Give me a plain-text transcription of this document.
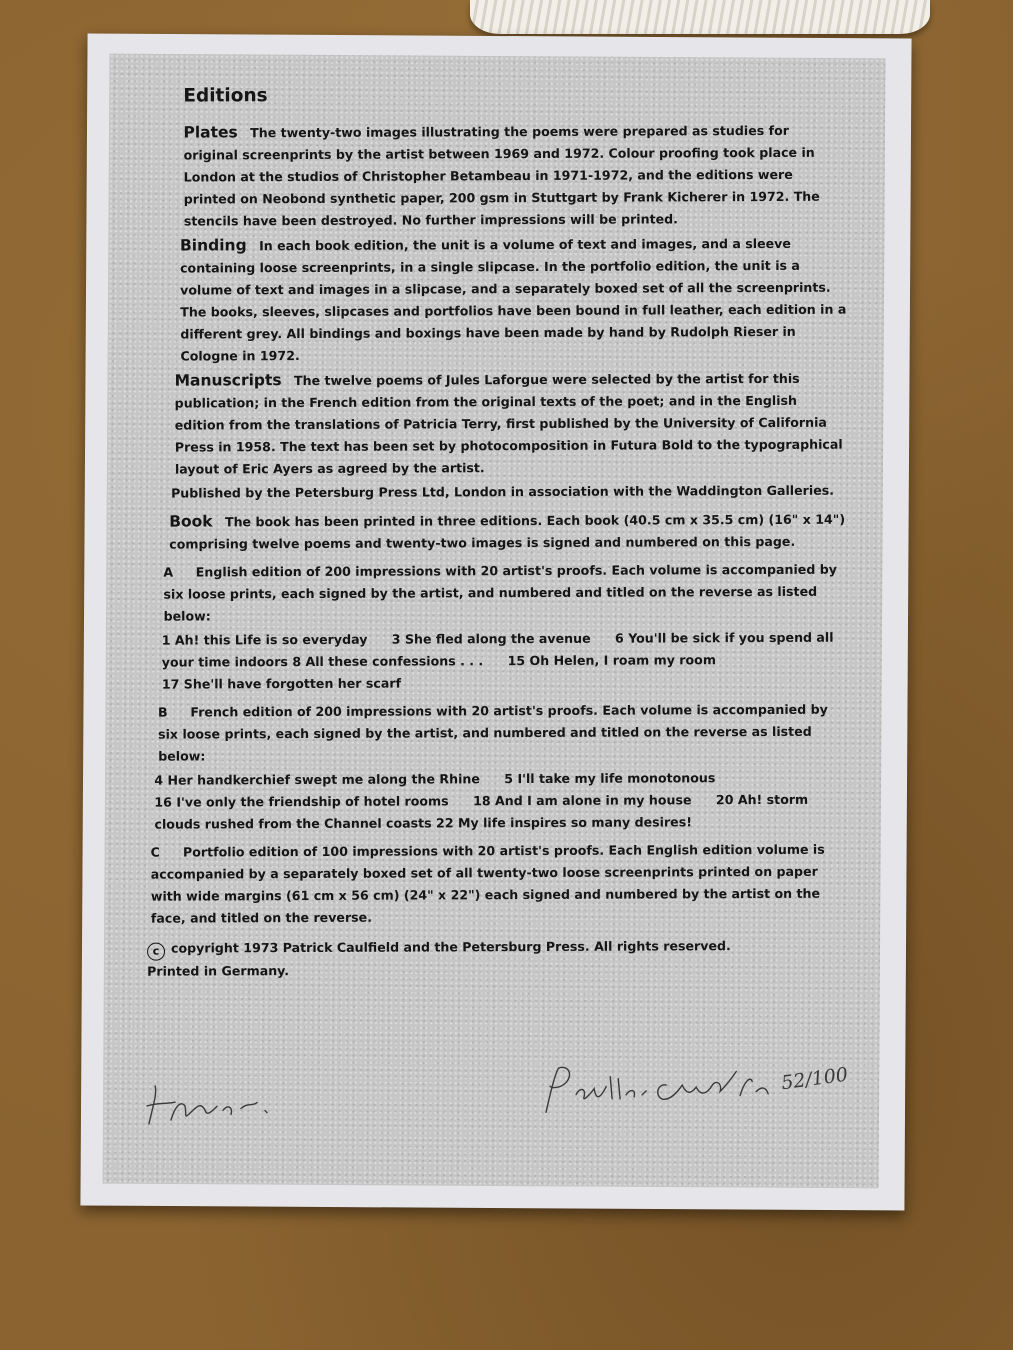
Editions

Plates The twenty-two images illustrating the poems were prepared as studies for original screenprints by the artist between 1969 and 1972. Colour proofing took place in London at the studios of Christopher Betambeau in 1971-1972, and the editions were printed on Neobond synthetic paper, 200 gsm in Stuttgart by Frank Kicherer in 1972. The stencils have been destroyed. No further impressions will be printed.

Binding In each book edition, the unit is a volume of text and images, and a sleeve containing loose screenprints, in a single slipcase. In the portfolio edition, the unit is a volume of text and images in a slipcase, and a separately boxed set of all the screenprints. The books, sleeves, slipcases and portfolios have been bound in full leather, each edition in a different grey. All bindings and boxings have been made by hand by Rudolph Rieser in Cologne in 1972.

Manuscripts The twelve poems of Jules Laforgue were selected by the artist for this publication; in the French edition from the original texts of the poet; and in the English edition from the translations of Patricia Terry, first published by the University of California Press in 1958. The text has been set by photocomposition in Futura Bold to the typographical layout of Eric Ayers as agreed by the artist.

Published by the Petersburg Press Ltd, London in association with the Waddington Galleries.

Book The book has been printed in three editions. Each book (40.5 cm x 35.5 cm) (16" x 14") comprising twelve poems and twenty-two images is signed and numbered on this page.

A English edition of 200 impressions with 20 artist's proofs. Each volume is accompanied by six loose prints, each signed by the artist, and numbered and titled on the reverse as listed below:

1 Ah! this Life is so everyday 3 She fled along the avenue 6 You'll be sick if you spend all your time indoors 8 All these confessions . . . 15 Oh Helen, I roam my room 17 She'll have forgotten her scarf

B French edition of 200 impressions with 20 artist's proofs. Each volume is accompanied by six loose prints, each signed by the artist, and numbered and titled on the reverse as listed below:

4 Her handkerchief swept me along the Rhine 5 I'll take my life monotonous 16 I've only the friendship of hotel rooms 18 And I am alone in my house 20 Ah! storm clouds rushed from the Channel coasts 22 My life inspires so many desires!

C Portfolio edition of 100 impressions with 20 artist's proofs. Each English edition volume is accompanied by a separately boxed set of all twenty-two loose screenprints printed on paper with wide margins (61 cm x 56 cm) (24" x 22") each signed and numbered by the artist on the face, and titled on the reverse.

c copyright 1973 Patrick Caulfield and the Petersburg Press. All rights reserved.
Printed in Germany.

52/100
